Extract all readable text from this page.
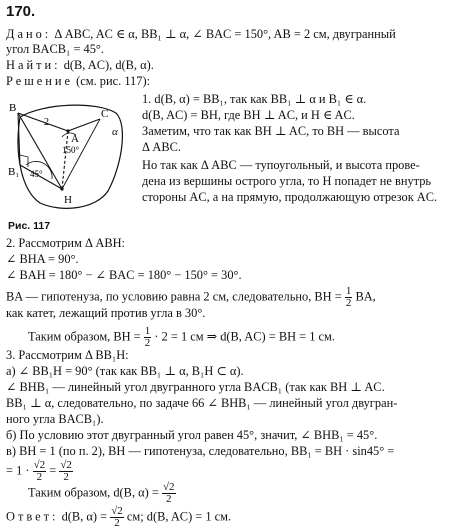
170.
Дано: Δ ABC, AC ∈ α, BB₁ ⊥ α, ∠ BAC = 150°, AB = 2 см, двугранный
угол BACB₁ = 45°.
Найти: d(B, AC), d(B, α).
Решение (см. рис. 117):
B
2
C
A
α
150°
B₁ 45°
H
Рис. 117
1. d(B, α) = BB₁, так как BB₁ ⊥ α и B₁ ∈ α.
d(B, AC) = BH, где BH ⊥ AC, и H ∈ AC.
Заметим, что так как BH ⊥ AC, то BH — высота
Δ ABC.
Но так как Δ ABC — тупоугольный, и высота прове-
дена из вершины острого угла, то H попадет не внутрь
стороны AC, а на прямую, продолжающую отрезок AC.
2. Рассмотрим Δ ABH:
∠ BHA = 90°.
∠ BAH = 180° − ∠ BAC = 180° − 150° = 30°.
BA — гипотенуза, по условию равна 2 см, следовательно, BH = $\frac{1}{2}$ BA,
как катет, лежащий против угла в 30°.
Таким образом, BH = $\frac{1}{2} \cdot 2 = 1$ см ⇒ d(B, AC) = BH = 1 см.
3. Рассмотрим Δ BB₁H:
а) ∠ BB₁H = 90° (так как BB₁ ⊥ α, B₁H ⊂ α).
∠ BHB₁ — линейный угол двугранного угла BACB₁ (так как BH ⊥ AC.
BB₁ ⊥ α, следовательно, по задаче 66 ∠ BHB₁ — линейный угол двугран-
ного угла BACB₁).
б) По условию этот двугранный угол равен 45°, значит, ∠ BHB₁ = 45°.
в) BH = 1 (по п. 2), BH — гипотенуза, следовательно, BB₁ = BH · sin45° =
= $1 \cdot \frac{√2}{2} = \frac{√2}{2}$
Таким образом, d(B, $\alpha) = \frac{√2}{2}$
Ответ: d(B, $\alpha) = \frac{√2}{2}$ см; d(B, AC) = 1 см.
